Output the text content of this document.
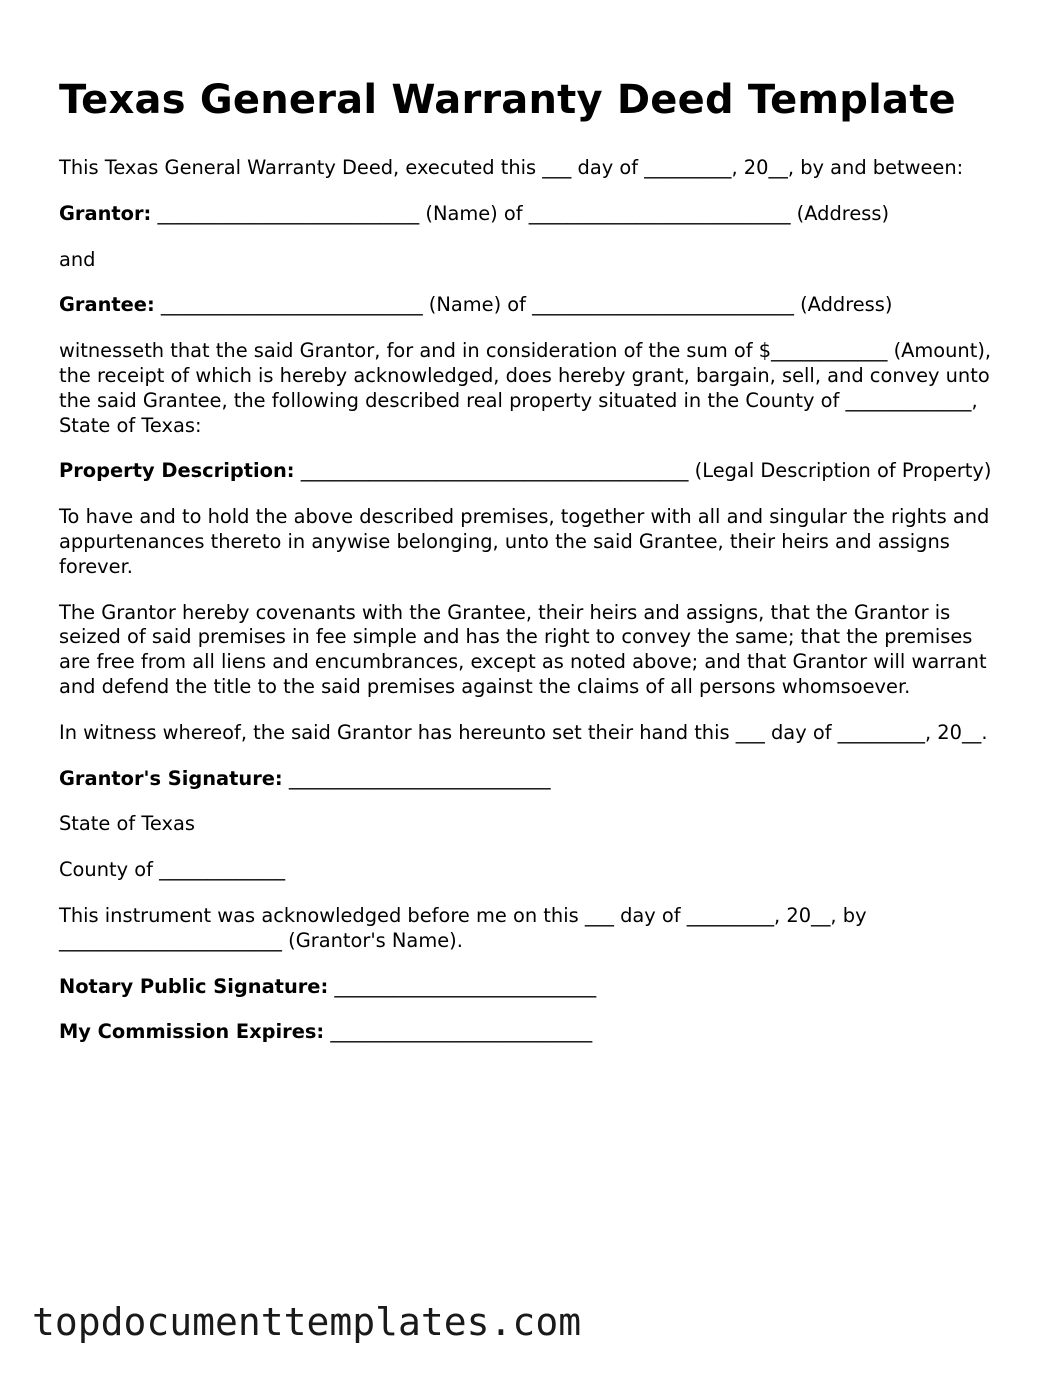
Texas General Warranty Deed Template

This Texas General Warranty Deed, executed this ___ day of _________, 20__, by and between:

Grantor: ___________________________ (Name) of ___________________________ (Address)

and

Grantee: ___________________________ (Name) of ___________________________ (Address)

witnesseth that the said Grantor, for and in consideration of the sum of $____________ (Amount), the receipt of which is hereby acknowledged, does hereby grant, bargain, sell, and convey unto the said Grantee, the following described real property situated in the County of _____________, State of Texas:

Property Description: ________________________________________ (Legal Description of Property)

To have and to hold the above described premises, together with all and singular the rights and appurtenances thereto in anywise belonging, unto the said Grantee, their heirs and assigns forever.

The Grantor hereby covenants with the Grantee, their heirs and assigns, that the Grantor is seized of said premises in fee simple and has the right to convey the same; that the premises are free from all liens and encumbrances, except as noted above; and that Grantor will warrant and defend the title to the said premises against the claims of all persons whomsoever.

In witness whereof, the said Grantor has hereunto set their hand this ___ day of _________, 20__.

Grantor's Signature: ___________________________

State of Texas

County of _____________

This instrument was acknowledged before me on this ___ day of _________, 20__, by _______________________ (Grantor's Name).

Notary Public Signature: ___________________________

My Commission Expires: ___________________________

topdocumenttemplates.com
